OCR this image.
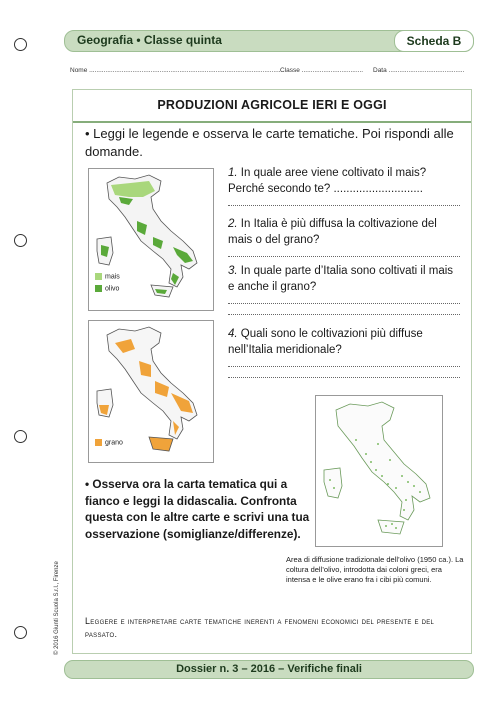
Geografia • Classe quinta	Scheda B
Nome .......................................................................................................... Classe .................................. Data ..........................................
PRODUZIONI AGRICOLE IERI E OGGI
• Leggi le legende e osserva le carte tematiche. Poi rispondi alle domande.
mais
olivo
grano
1. In quale aree viene coltivato il mais? Perché secondo te? ............................
2. In Italia è più diffusa la coltivazione del mais o del grano?
3. In quale parte d’Italia sono coltivati il mais e anche il grano?
4. Quali sono le coltivazioni più diffuse nell’Italia meridionale?
• Osserva ora la carta tematica qui a fianco e leggi la didascalia. Confronta questa con le altre carte e scrivi una tua osservazione (somiglianze/differenze).
Area di diffusione tradizionale dell’olivo (1950 ca.). La coltura dell’olivo, introdotta dai coloni greci, era intensa e le olive erano fra i cibi più comuni.
Leggere e interpretare carte tematiche inerenti a fenomeni economici del presente e del passato.
© 2016 Giunti Scuola S.r.l., Firenze
Dossier n. 3 – 2016 – Verifiche finali
